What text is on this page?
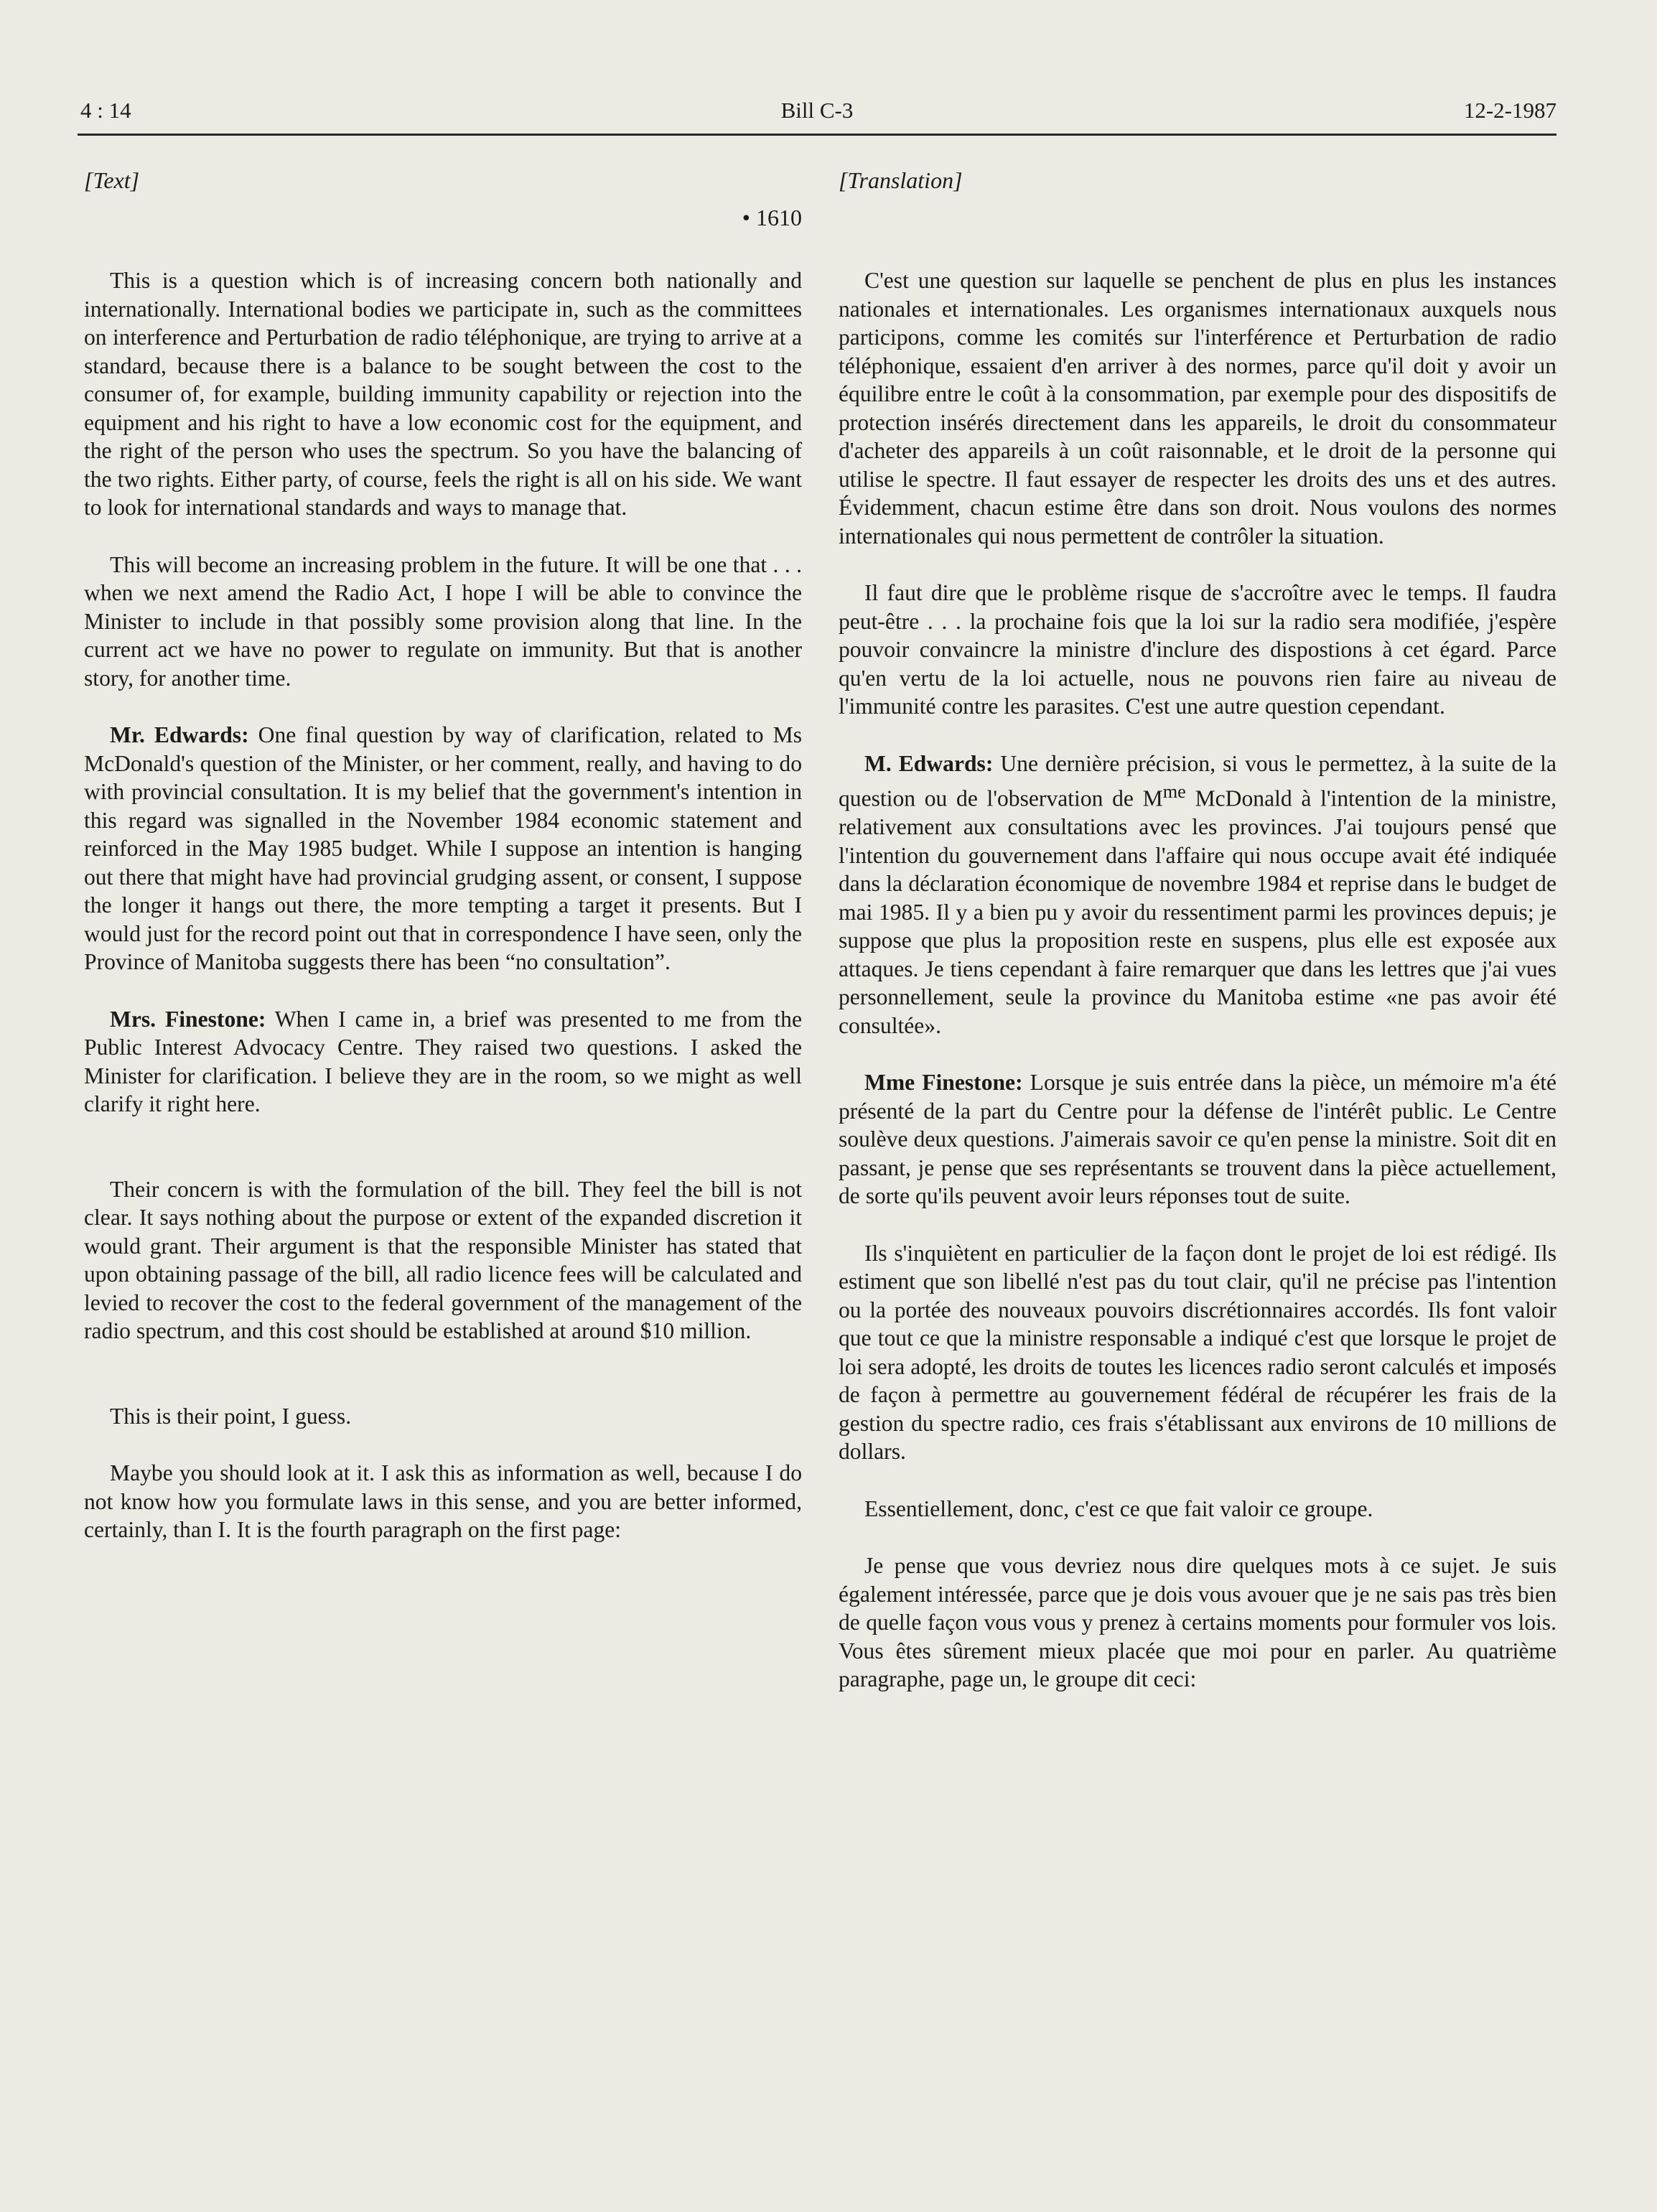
4 : 14	Bill C-3	12-2-1987
[Text]
• 1610

This is a question which is of increasing concern both nationally and internationally. International bodies we participate in, such as the committees on interference and Perturbation de radio téléphonique, are trying to arrive at a standard, because there is a balance to be sought between the cost to the consumer of, for example, building immunity capability or rejection into the equipment and his right to have a low economic cost for the equipment, and the right of the person who uses the spectrum. So you have the balancing of the two rights. Either party, of course, feels the right is all on his side. We want to look for international standards and ways to manage that.

This will become an increasing problem in the future. It will be one that . . . when we next amend the Radio Act, I hope I will be able to convince the Minister to include in that possibly some provision along that line. In the current act we have no power to regulate on immunity. But that is another story, for another time.

Mr. Edwards: One final question by way of clarification, related to Ms McDonald's question of the Minister, or her comment, really, and having to do with provincial consultation. It is my belief that the government's intention in this regard was signalled in the November 1984 economic statement and reinforced in the May 1985 budget. While I suppose an intention is hanging out there that might have had provincial grudging assent, or consent, I suppose the longer it hangs out there, the more tempting a target it presents. But I would just for the record point out that in correspondence I have seen, only the Province of Manitoba suggests there has been “no consultation”.

Mrs. Finestone: When I came in, a brief was presented to me from the Public Interest Advocacy Centre. They raised two questions. I asked the Minister for clarification. I believe they are in the room, so we might as well clarify it right here.

Their concern is with the formulation of the bill. They feel the bill is not clear. It says nothing about the purpose or extent of the expanded discretion it would grant. Their argument is that the responsible Minister has stated that upon obtaining passage of the bill, all radio licence fees will be calculated and levied to recover the cost to the federal government of the management of the radio spectrum, and this cost should be established at around $10 million.

This is their point, I guess.

Maybe you should look at it. I ask this as information as well, because I do not know how you formulate laws in this sense, and you are better informed, certainly, than I. It is the fourth paragraph on the first page:

[Translation]

C'est une question sur laquelle se penchent de plus en plus les instances nationales et internationales. Les organismes internationaux auxquels nous participons, comme les comités sur l'interférence et Perturbation de radio téléphonique, essaient d'en arriver à des normes, parce qu'il doit y avoir un équilibre entre le coût à la consommation, par exemple pour des dispositifs de protection insérés directement dans les appareils, le droit du consommateur d'acheter des appareils à un coût raisonnable, et le droit de la personne qui utilise le spectre. Il faut essayer de respecter les droits des uns et des autres. Évidemment, chacun estime être dans son droit. Nous voulons des normes internationales qui nous permettent de contrôler la situation.

Il faut dire que le problème risque de s'accroître avec le temps. Il faudra peut-être . . . la prochaine fois que la loi sur la radio sera modifiée, j'espère pouvoir convaincre la ministre d'inclure des dispostions à cet égard. Parce qu'en vertu de la loi actuelle, nous ne pouvons rien faire au niveau de l'immunité contre les parasites. C'est une autre question cependant.

M. Edwards: Une dernière précision, si vous le permettez, à la suite de la question ou de l'observation de $M^{me}$ McDonald à l'intention de la ministre, relativement aux consultations avec les provinces. J'ai toujours pensé que l'intention du gouvernement dans l'affaire qui nous occupe avait été indiquée dans la déclaration économique de novembre 1984 et reprise dans le budget de mai 1985. Il y a bien pu y avoir du ressentiment parmi les provinces depuis; je suppose que plus la proposition reste en suspens, plus elle est exposée aux attaques. Je tiens cependant à faire remarquer que dans les lettres que j'ai vues personnellement, seule la province du Manitoba estime «ne pas avoir été consultée».

Mme Finestone: Lorsque je suis entrée dans la pièce, un mémoire m'a été présenté de la part du Centre pour la défense de l'intérêt public. Le Centre soulève deux questions. J'aimerais savoir ce qu'en pense la ministre. Soit dit en passant, je pense que ses représentants se trouvent dans la pièce actuellement, de sorte qu'ils peuvent avoir leurs réponses tout de suite.

Ils s'inquiètent en particulier de la façon dont le projet de loi est rédigé. Ils estiment que son libellé n'est pas du tout clair, qu'il ne précise pas l'intention ou la portée des nouveaux pouvoirs discrétionnaires accordés. Ils font valoir que tout ce que la ministre responsable a indiqué c'est que lorsque le projet de loi sera adopté, les droits de toutes les licences radio seront calculés et imposés de façon à permettre au gouvernement fédéral de récupérer les frais de la gestion du spectre radio, ces frais s'établissant aux environs de 10 millions de dollars.

Essentiellement, donc, c'est ce que fait valoir ce groupe.

Je pense que vous devriez nous dire quelques mots à ce sujet. Je suis également intéressée, parce que je dois vous avouer que je ne sais pas très bien de quelle façon vous vous y prenez à certains moments pour formuler vos lois. Vous êtes sûrement mieux placée que moi pour en parler. Au quatrième paragraphe, page un, le groupe dit ceci:
